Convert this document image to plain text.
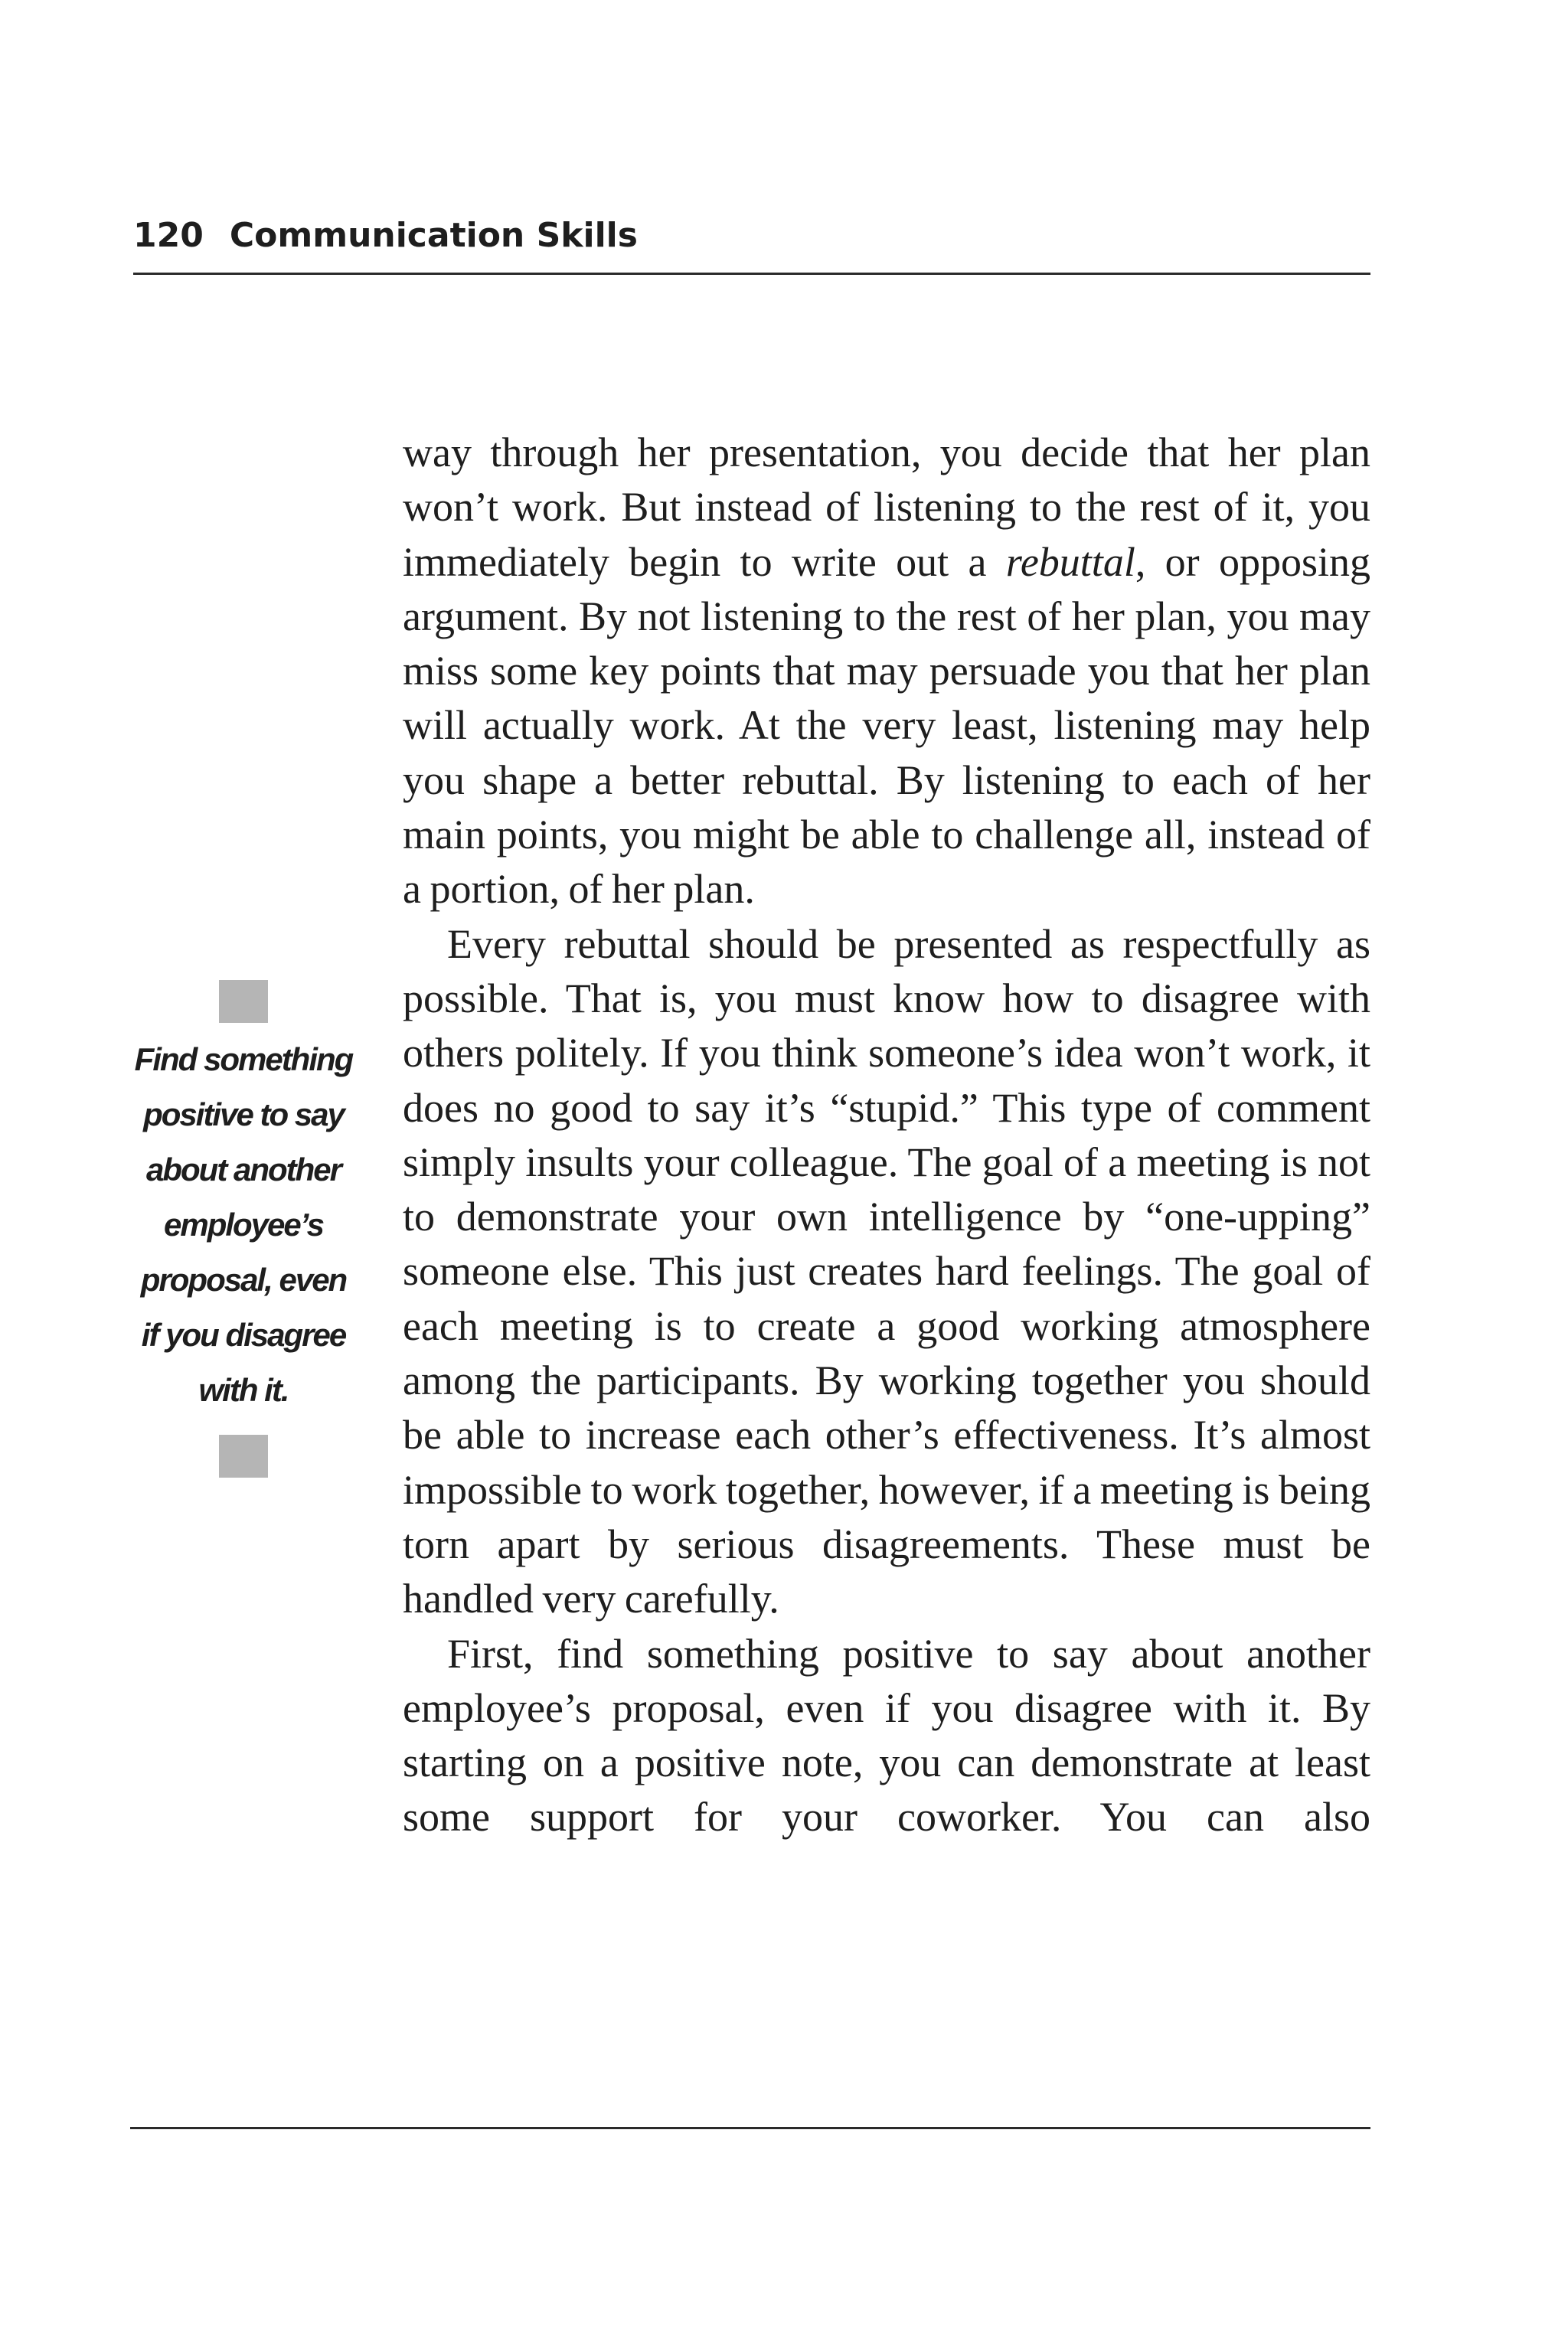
120 Communication Skills
Find something
positive to say
about another
employee’s
proposal, even
if you disagree
with it.

way through her presentation, you decide that her plan won’t work. But instead of listening to the rest of it, you immediately begin to write out a rebuttal, or opposing argument. By not listening to the rest of her plan, you may miss some key points that may persuade you that her plan will actually work. At the very least, listening may help you shape a better rebuttal. By listening to each of her main points, you might be able to challenge all, instead of a portion, of her plan.

Every rebuttal should be presented as respectfully as possible. That is, you must know how to disagree with others politely. If you think someone’s idea won’t work, it does no good to say it’s “stupid.” This type of comment simply insults your colleague. The goal of a meeting is not to demonstrate your own intelligence by “one-upping” someone else. This just creates hard feelings. The goal of each meeting is to create a good working atmosphere among the participants. By working together you should be able to increase each other’s effectiveness. It’s almost impossible to work together, however, if a meeting is being torn apart by serious disagreements. These must be handled very carefully.

First, find something positive to say about another employee’s proposal, even if you disagree with it. By starting on a positive note, you can demonstrate at least some support for your coworker. You can also
